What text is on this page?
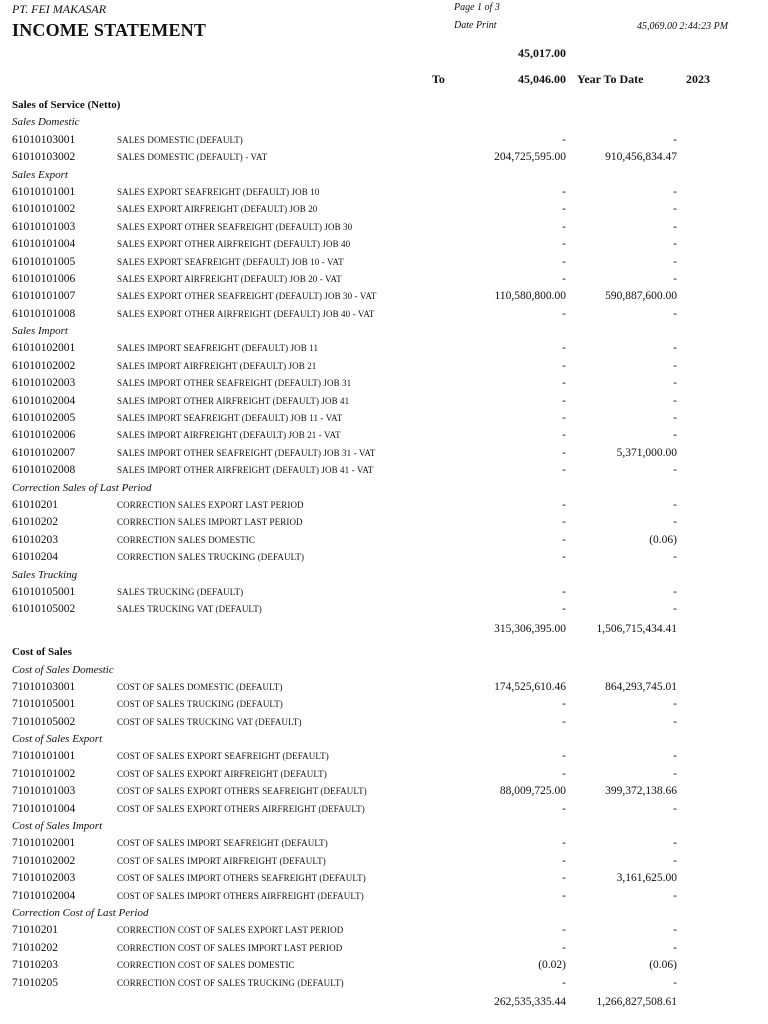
PT. FEI MAKASAR
INCOME STATEMENT
Page 1 of 3
Date Print	45,069.00 2:44:23 PM
45,017.00
To	45,046.00 Year To Date	2023
Sales of Service (Netto)
Sales Domestic
61010103001	SALES DOMESTIC (DEFAULT)	-	-
61010103002	SALES DOMESTIC (DEFAULT) - VAT	204,725,595.00	910,456,834.47
Sales Export
61010101001	SALES EXPORT SEAFREIGHT (DEFAULT) JOB 10	-	-
61010101002	SALES EXPORT AIRFREIGHT (DEFAULT) JOB 20	-	-
61010101003	SALES EXPORT OTHER SEAFREIGHT (DEFAULT) JOB 30	-	-
61010101004	SALES EXPORT OTHER AIRFREIGHT (DEFAULT) JOB 40	-	-
61010101005	SALES EXPORT SEAFREIGHT (DEFAULT) JOB 10 - VAT	-	-
61010101006	SALES EXPORT AIRFREIGHT (DEFAULT) JOB 20 - VAT	-	-
61010101007	SALES EXPORT OTHER SEAFREIGHT (DEFAULT) JOB 30 - VAT	110,580,800.00	590,887,600.00
61010101008	SALES EXPORT OTHER AIRFREIGHT (DEFAULT) JOB 40 - VAT	-	-
Sales Import
61010102001	SALES IMPORT SEAFREIGHT (DEFAULT) JOB 11	-	-
61010102002	SALES IMPORT AIRFREIGHT (DEFAULT) JOB 21	-	-
61010102003	SALES IMPORT OTHER SEAFREIGHT (DEFAULT) JOB 31	-	-
61010102004	SALES IMPORT OTHER AIRFREIGHT (DEFAULT) JOB 41	-	-
61010102005	SALES IMPORT SEAFREIGHT (DEFAULT) JOB 11 - VAT	-	-
61010102006	SALES IMPORT AIRFREIGHT (DEFAULT) JOB 21 - VAT	-	-
61010102007	SALES IMPORT OTHER SEAFREIGHT (DEFAULT) JOB 31 - VAT	-	5,371,000.00
61010102008	SALES IMPORT OTHER AIRFREIGHT (DEFAULT) JOB 41 - VAT	-	-
Correction Sales of Last Period
61010201	CORRECTION SALES EXPORT LAST PERIOD	-	-
61010202	CORRECTION SALES IMPORT LAST PERIOD	-	-
61010203	CORRECTION SALES DOMESTIC	-	(0.06)
61010204	CORRECTION SALES TRUCKING (DEFAULT)	-	-
Sales Trucking
61010105001	SALES TRUCKING (DEFAULT)	-	-
61010105002	SALES TRUCKING VAT (DEFAULT)	-	-
315,306,395.00	1,506,715,434.41
Cost of Sales
Cost of Sales Domestic
71010103001	COST OF SALES DOMESTIC (DEFAULT)	174,525,610.46	864,293,745.01
71010105001	COST OF SALES TRUCKING (DEFAULT)	-	-
71010105002	COST OF SALES TRUCKING VAT (DEFAULT)	-	-
Cost of Sales Export
71010101001	COST OF SALES EXPORT SEAFREIGHT (DEFAULT)	-	-
71010101002	COST OF SALES EXPORT AIRFREIGHT (DEFAULT)	-	-
71010101003	COST OF SALES EXPORT OTHERS SEAFREIGHT (DEFAULT)	88,009,725.00	399,372,138.66
71010101004	COST OF SALES EXPORT OTHERS AIRFREIGHT (DEFAULT)	-	-
Cost of Sales Import
71010102001	COST OF SALES IMPORT SEAFREIGHT (DEFAULT)	-	-
71010102002	COST OF SALES IMPORT AIRFREIGHT (DEFAULT)	-	-
71010102003	COST OF SALES IMPORT OTHERS SEAFREIGHT (DEFAULT)	-	3,161,625.00
71010102004	COST OF SALES IMPORT OTHERS AIRFREIGHT (DEFAULT)	-	-
Correction Cost of Last Period
71010201	CORRECTION COST OF SALES EXPORT LAST PERIOD	-	-
71010202	CORRECTION COST OF SALES IMPORT LAST PERIOD	-	-
71010203	CORRECTION COST OF SALES DOMESTIC	(0.02)	(0.06)
71010205	CORRECTION COST OF SALES TRUCKING (DEFAULT)	-	-
262,535,335.44	1,266,827,508.61
